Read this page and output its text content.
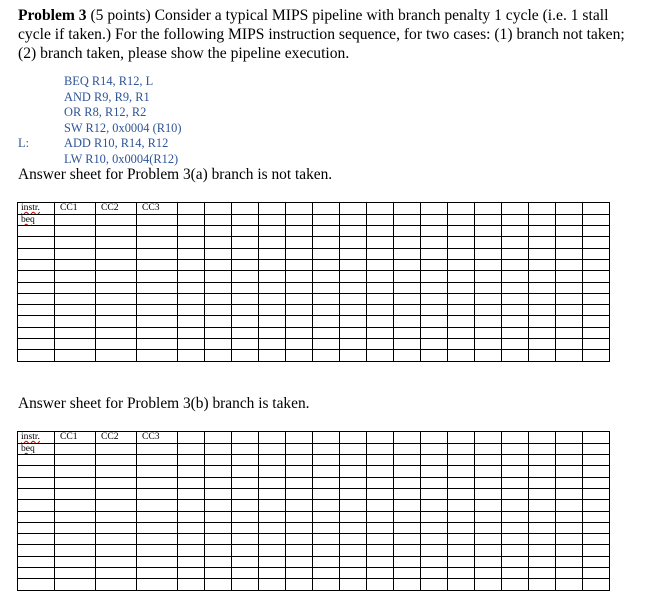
Problem 3 (5 points) Consider a typical MIPS pipeline with branch penalty 1 cycle (i.e. 1 stall cycle if taken.) For the following MIPS instruction sequence, for two cases: (1) branch not taken; (2) branch taken, please show the pipeline execution.
BEQ R14, R12, L
AND R9, R9, R1
OR R8, R12, R2
SW R12, 0x0004 (R10)
L:	ADD R10, R14, R12
LW R10, 0x0004(R12)
Answer sheet for Problem 3(a) branch is not taken.
instr.	CC1	CC2	CC3																
beq																			

Answer sheet for Problem 3(b) branch is taken.
instr.	CC1	CC2	CC3																
beq																			
